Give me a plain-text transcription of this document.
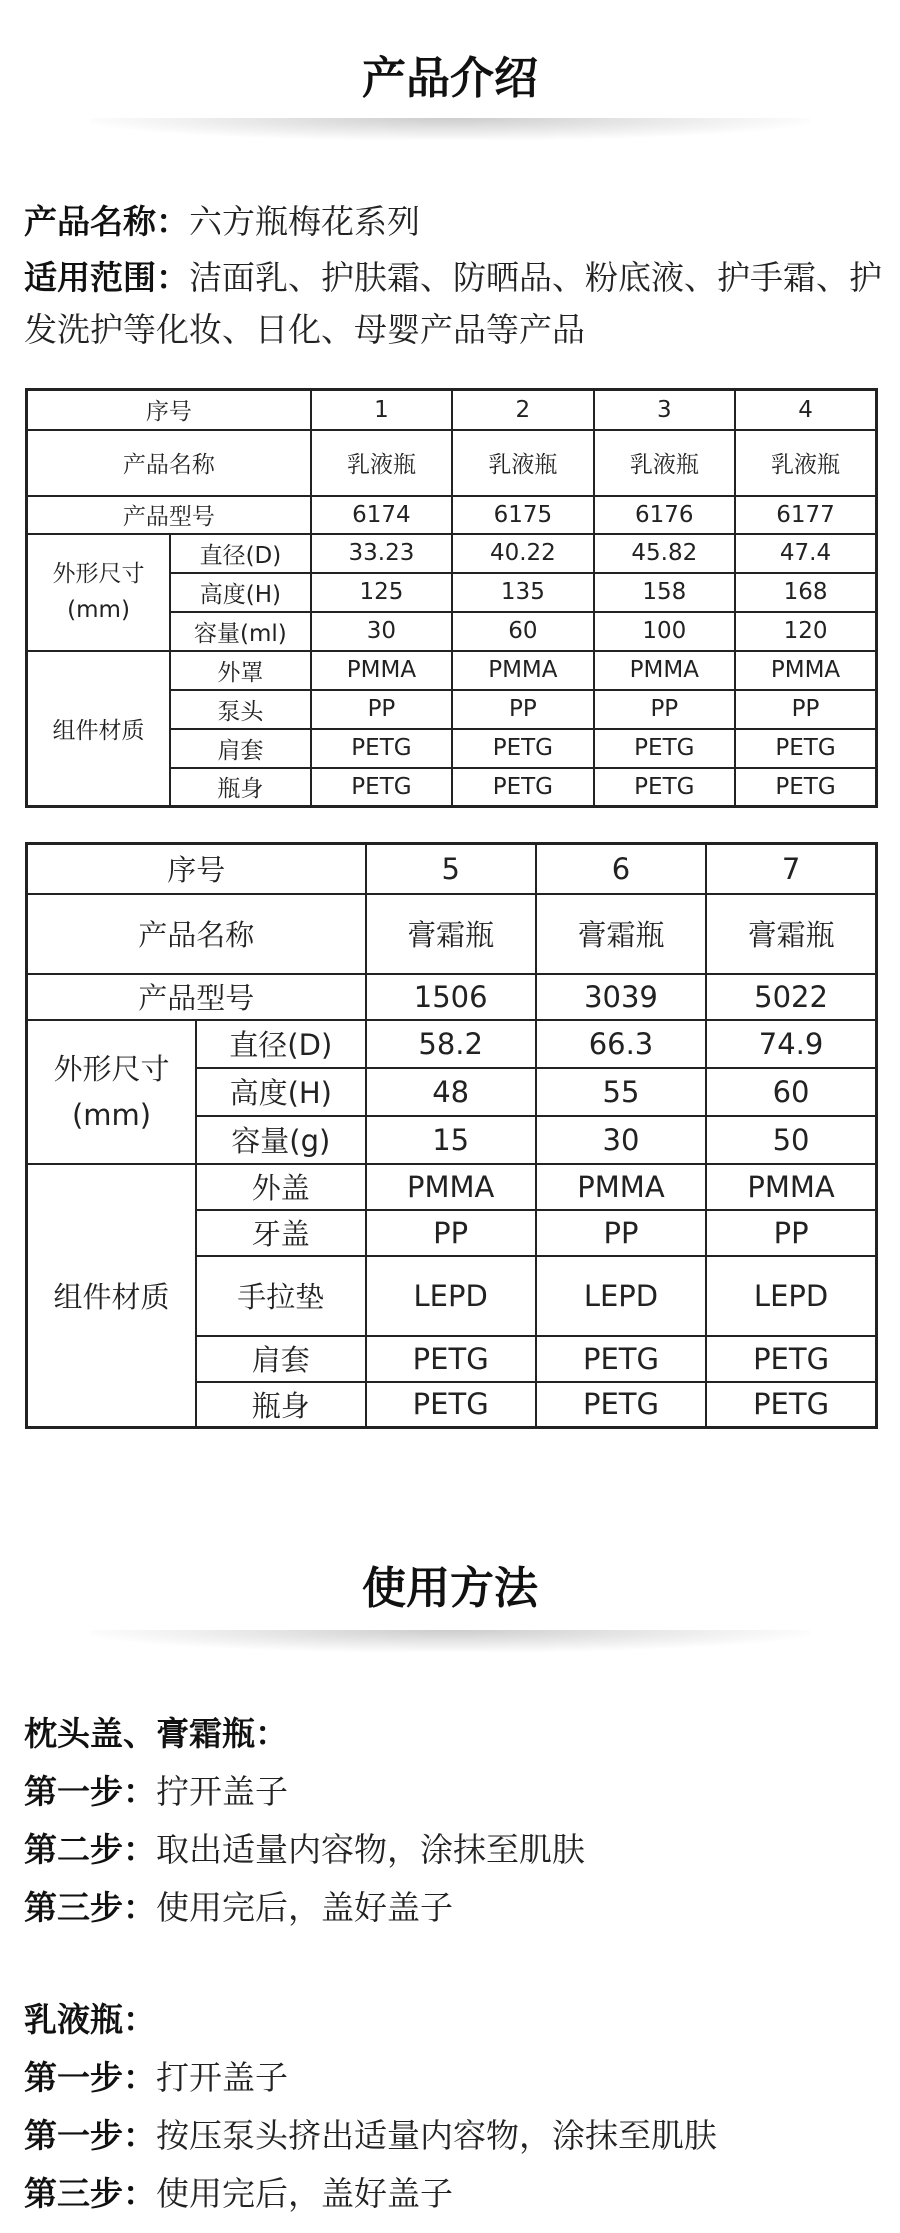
产品介绍
产品名称：六方瓶梅花系列
适用范围：洁面乳、护肤霜、防晒品、粉底液、护手霜、护发洗护等化妆、日化、母婴产品等产品
序号		1	2	3	4
产品名称		乳液瓶	乳液瓶	乳液瓶	乳液瓶
产品型号		6174	6175	6176	6177
外形尺寸
(mm)	直径(D)	33.23	40.22	45.82	47.4
	高度(H)	125	135	158	168
	容量(ml)	30	60	100	120
组件材质	外罩	PMMA	PMMA	PMMA	PMMA
	泵头	PP	PP	PP	PP
	肩套	PETG	PETG	PETG	PETG
	瓶身	PETG	PETG	PETG	PETG
序号		5	6	7
产品名称		膏霜瓶	膏霜瓶	膏霜瓶
产品型号		1506	3039	5022
外形尺寸
(mm)	直径(D)	58.2	66.3	74.9
	高度(H)	48	55	60
	容量(g)	15	30	50
组件材质	外盖	PMMA	PMMA	PMMA
	牙盖	PP	PP	PP
	手拉垫	LEPD	LEPD	LEPD
	肩套	PETG	PETG	PETG
	瓶身	PETG	PETG	PETG
使用方法
枕头盖、膏霜瓶：
第一步：拧开盖子
第二步：取出适量内容物，涂抹至肌肤
第三步：使用完后，盖好盖子
乳液瓶：
第一步：打开盖子
第一步：按压泵头挤出适量内容物，涂抹至肌肤
第三步：使用完后，盖好盖子
